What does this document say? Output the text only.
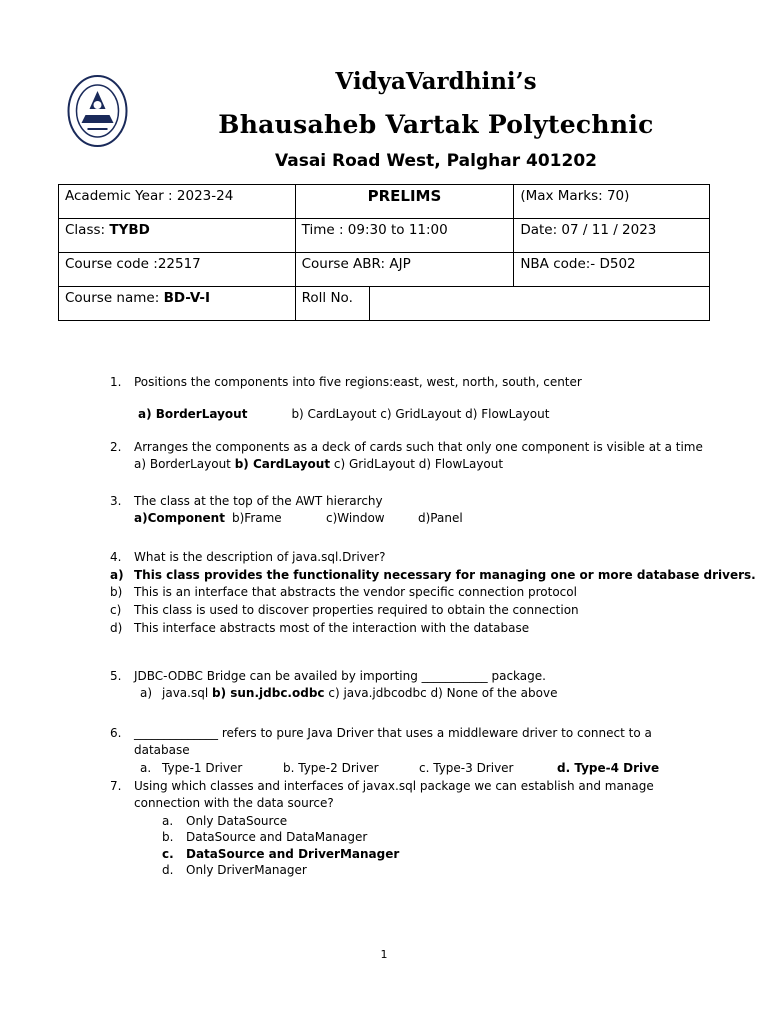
VidyaVardhini’s
Bhausaheb Vartak Polytechnic
Vasai Road West, Palghar 401202
Academic Year : 2023-24	PRELIMS		(Max Marks: 70)
Class: TYBD	Time : 09:30 to 11:00		Date: 07 / 11 / 2023
Course code :22517	Course ABR: AJP		NBA code:- D502
Course name: BD-V-I	Roll No.		
1. Positions the components into five regions:east, west, north, south, center
a) BorderLayout	b) CardLayout c) GridLayout d) FlowLayout
2. Arranges the components as a deck of cards such that only one component is visible at a time
a) BorderLayout b) CardLayout c) GridLayout d) FlowLayout
3. The class at the top of the AWT hierarchy
a)Component b)Frame	c)Window	d)Panel
4. What is the description of java.sql.Driver?
a) This class provides the functionality necessary for managing one or more database drivers.
b) This is an interface that abstracts the vendor specific connection protocol
c) This class is used to discover properties required to obtain the connection
d) This interface abstracts most of the interaction with the database
5. JDBC-ODBC Bridge can be availed by importing ___________ package.
a) java.sql b) sun.jdbc.odbc c) java.jdbcodbc d) None of the above
6. ______________ refers to pure Java Driver that uses a middleware driver to connect to a
database
a. Type-1 Driver	b. Type-2 Driver	c. Type-3 Driver	d. Type-4 Drive
7. Using which classes and interfaces of javax.sql package we can establish and manage
connection with the data source?
a. Only DataSource
b. DataSource and DataManager
c. DataSource and DriverManager
d. Only DriverManager
1
